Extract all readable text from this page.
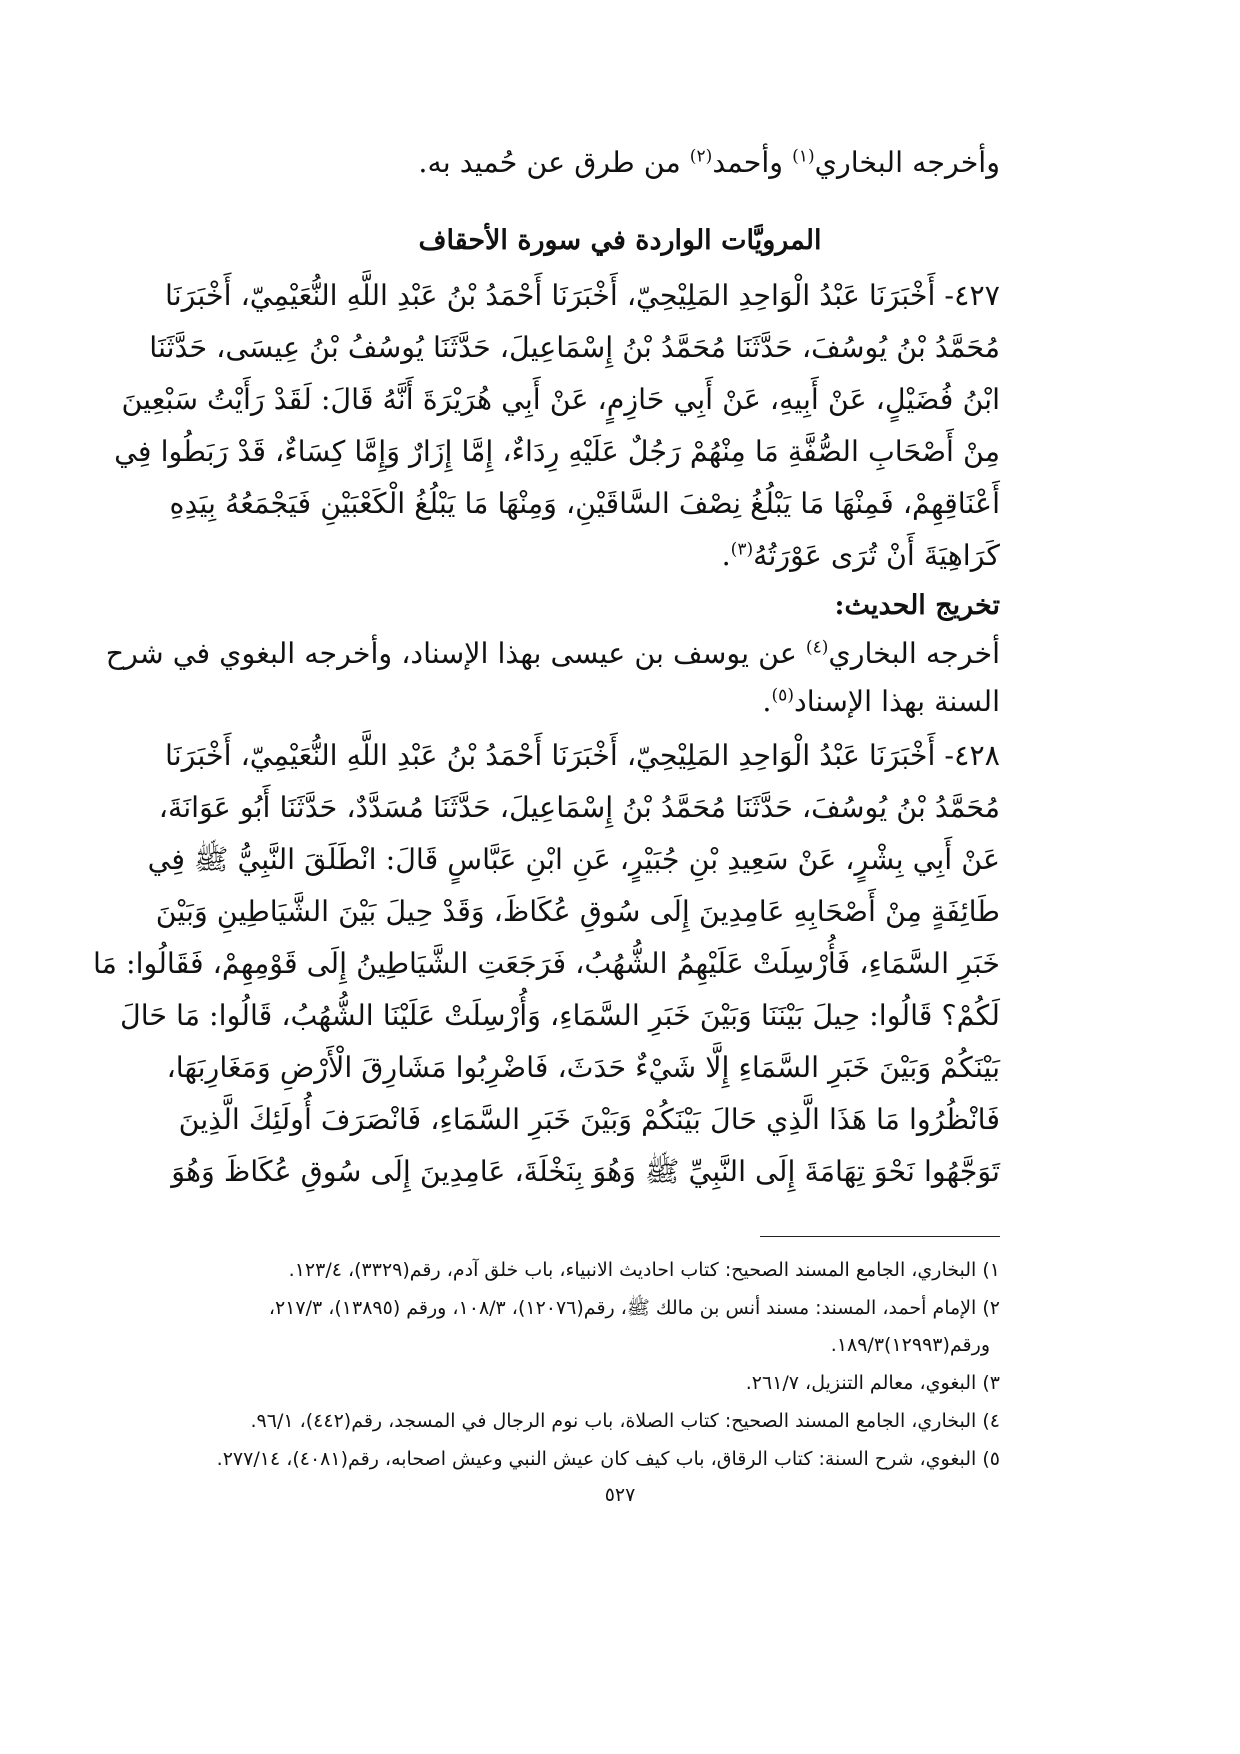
وأخرجه البخاري$^{(١)}$ وأحمد$^{(٢)}$ من طرق عن حُميد به.
المرويَّات الواردة في سورة الأحقاف
٤٢٧- أَخْبَرَنَا عَبْدُ الْوَاحِدِ المَلِيْحِيّ، أَخْبَرَنَا أَحْمَدُ بْنُ عَبْدِ اللَّهِ النُّعَيْمِيّ، أَخْبَرَنَا
مُحَمَّدُ بْنُ يُوسُفَ، حَدَّثَنَا مُحَمَّدُ بْنُ إِسْمَاعِيلَ، حَدَّثَنَا يُوسُفُ بْنُ عِيسَى، حَدَّثَنَا
ابْنُ فُضَيْلٍ، عَنْ أَبِيهِ، عَنْ أَبِي حَازِمٍ، عَنْ أَبِي هُرَيْرَةَ أَنَّهُ قَالَ: لَقَدْ رَأَيْتُ سَبْعِينَ
مِنْ أَصْحَابِ الصُّفَّةِ مَا مِنْهُمْ رَجُلٌ عَلَيْهِ رِدَاءٌ، إِمَّا إِزَارٌ وَإِمَّا كِسَاءٌ، قَدْ رَبَطُوا فِي
أَعْنَاقِهِمْ، فَمِنْهَا مَا يَبْلُغُ نِصْفَ السَّاقَيْنِ، وَمِنْهَا مَا يَبْلُغُ الْكَعْبَيْنِ فَيَجْمَعُهُ بِيَدِهِ
كَرَاهِيَةَ أَنْ تُرَى عَوْرَتُهُ$^{(٣)}$.
تخريج الحديث:
أخرجه البخاري$^{(٤)}$ عن يوسف بن عيسى بهذا الإسناد، وأخرجه البغوي في شرح
السنة بهذا الإسناد$^{(٥)}$.
٤٢٨- أَخْبَرَنَا عَبْدُ الْوَاحِدِ المَلِيْحِيّ، أَخْبَرَنَا أَحْمَدُ بْنُ عَبْدِ اللَّهِ النُّعَيْمِيّ، أَخْبَرَنَا
مُحَمَّدُ بْنُ يُوسُفَ، حَدَّثَنَا مُحَمَّدُ بْنُ إِسْمَاعِيلَ، حَدَّثَنَا مُسَدَّدٌ، حَدَّثَنَا أَبُو عَوَانَةَ،
عَنْ أَبِي بِشْرٍ، عَنْ سَعِيدِ بْنِ جُبَيْرٍ، عَنِ ابْنِ عَبَّاسٍ قَالَ: انْطَلَقَ النَّبِيُّ ﷺ فِي
طَائِفَةٍ مِنْ أَصْحَابِهِ عَامِدِينَ إِلَى سُوقِ عُكَاظَ، وَقَدْ حِيلَ بَيْنَ الشَّيَاطِينِ وَبَيْنَ
خَبَرِ السَّمَاءِ، فَأُرْسِلَتْ عَلَيْهِمُ الشُّهُبُ، فَرَجَعَتِ الشَّيَاطِينُ إِلَى قَوْمِهِمْ، فَقَالُوا: مَا
لَكُمْ؟ قَالُوا: حِيلَ بَيْنَنَا وَبَيْنَ خَبَرِ السَّمَاءِ، وَأُرْسِلَتْ عَلَيْنَا الشُّهُبُ، قَالُوا: مَا حَالَ
بَيْنَكُمْ وَبَيْنَ خَبَرِ السَّمَاءِ إِلَّا شَيْءٌ حَدَثَ، فَاضْرِبُوا مَشَارِقَ الْأَرْضِ وَمَغَارِبَهَا،
فَانْظُرُوا مَا هَذَا الَّذِي حَالَ بَيْنَكُمْ وَبَيْنَ خَبَرِ السَّمَاءِ، فَانْصَرَفَ أُولَئِكَ الَّذِينَ
تَوَجَّهُوا نَحْوَ تِهَامَةَ إِلَى النَّبِيِّ ﷺ وَهُوَ بِنَخْلَةَ، عَامِدِينَ إِلَى سُوقِ عُكَاظَ وَهُوَ
١) البخاري، الجامع المسند الصحيح: كتاب احاديث الانبياء، باب خلق آدم، رقم(٣٣٢٩)، ١٢٣/٤.
٢) الإمام أحمد، المسند: مسند أنس بن مالك ﷺ، رقم(١٢٠٧٦)، ١٠٨/٣، ورقم (١٣٨٩٥)، ٢١٧/٣،
ورقم(١٢٩٩٣)١٨٩/٣.
٣) البغوي، معالم التنزيل، ٢٦١/٧.
٤) البخاري، الجامع المسند الصحيح: كتاب الصلاة، باب نوم الرجال في المسجد، رقم(٤٤٢)، ٩٦/١.
٥) البغوي، شرح السنة: كتاب الرقاق، باب كيف كان عيش النبي وعيش اصحابه، رقم(٤٠٨١)، ٢٧٧/١٤.
٥٢٧
